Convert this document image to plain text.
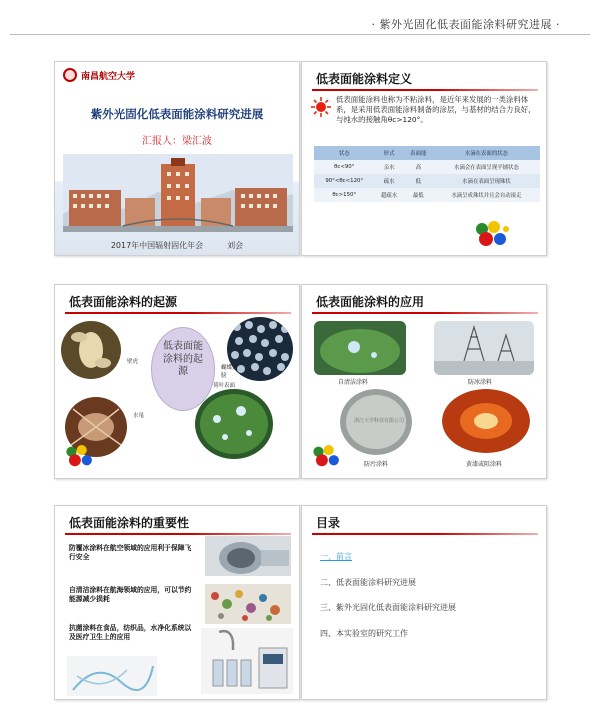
· 紫外光固化低表面能涂料研究进展 ·
南昌航空大学
紫外光固化低表面能涂料研究进展
汇报人：梁汇波
2017年中国辐射固化年会　　　刘会
低表面能涂料定义
低表面能涂料也称为不粘涂料，是近年来发展的一类涂料体系，是采用低表面能涂料制备的涂层，与基材的结合力良好，与纯水的接触角θc>120°。
状态	形式	表面能	水滴在表面的状态
θc<90°	亲水	高	水滴会在表面呈现平铺状态
90°<θc<120°	疏水	低	水滴在表面呈现珠状
θc>150°	超疏水	最低	水滴呈成珠状并且会自动滚走
低表面能涂料的起源
壁虎
蝴蝶翅膀
低表面能涂料的起源
水黾
荷叶表面
低表面能涂料的应用
自清洁涂料	防冰涂料
浙江大学科技有限公司
防污涂料	黄漆或阻涂料
低表面能涂料的重要性
防覆冰涂料在航空领域的应用利于保障飞行安全
自清洁涂料在航海领域的应用，可以节约能源减少损耗
抗菌涂料在食品，纺织品，水净化系统以及医疗卫生上的应用
目录
一、前言
二、低表面能涂料研究进展
三、紫外光固化低表面能涂料研究进展
四、本实验室的研究工作
